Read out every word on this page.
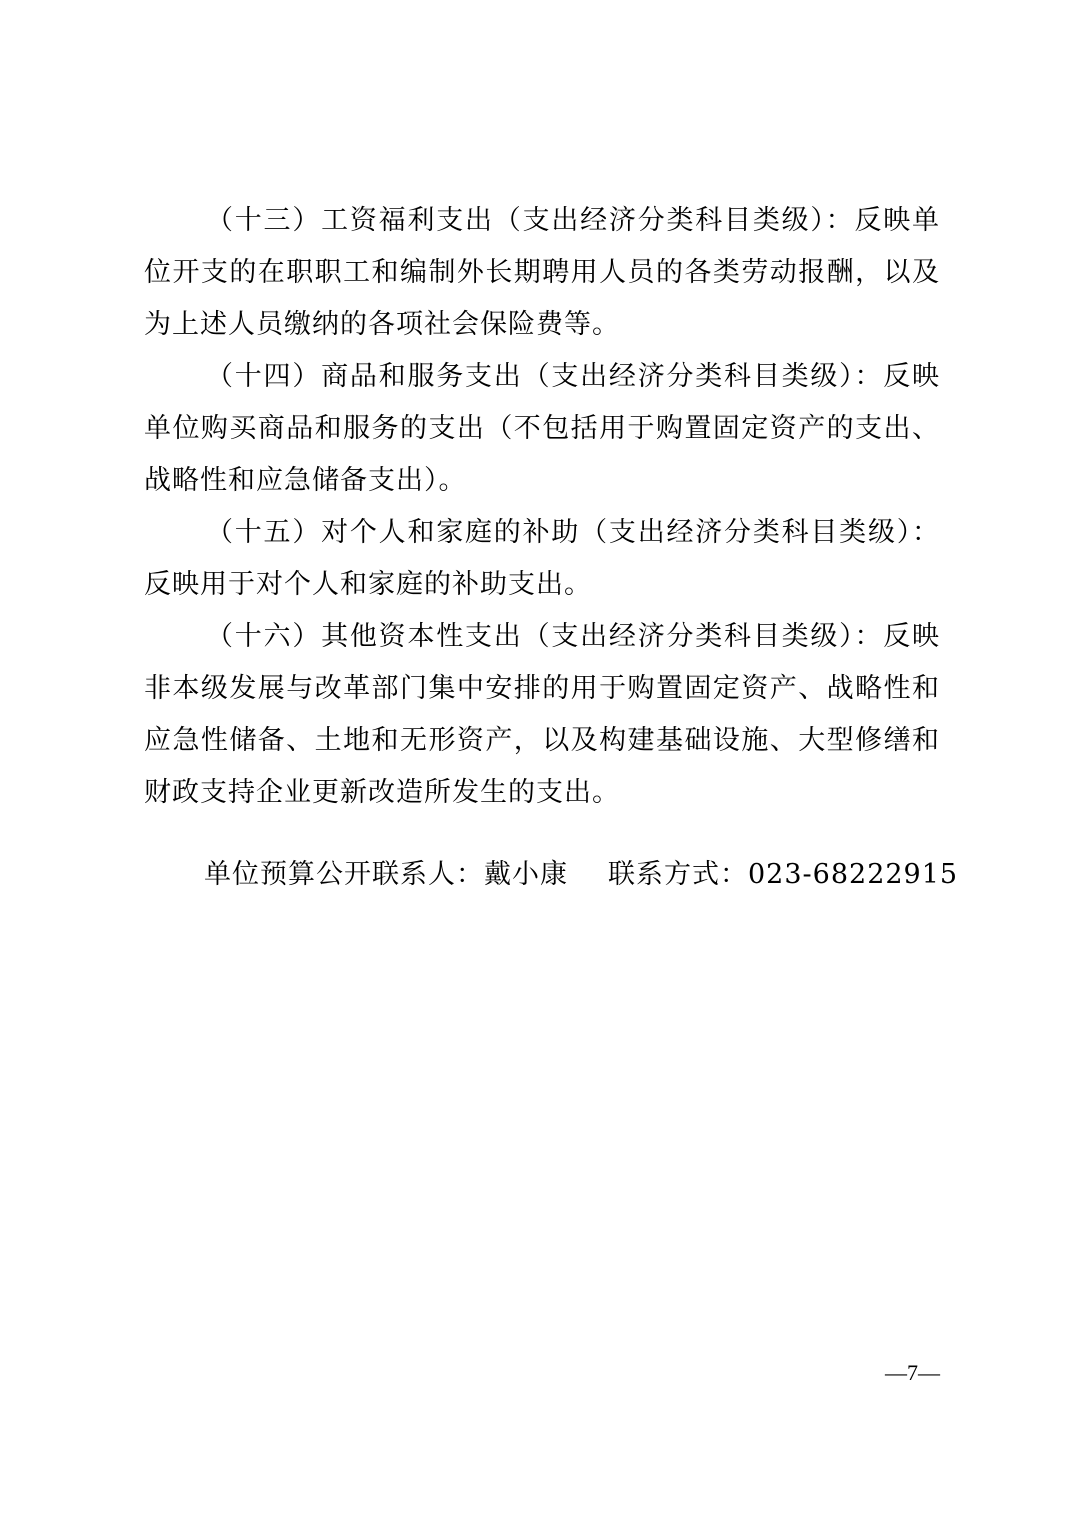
（十三）工资福利支出（支出经济分类科目类级）：反映单位开支的在职职工和编制外长期聘用人员的各类劳动报酬，以及为上述人员缴纳的各项社会保险费等。

（十四）商品和服务支出（支出经济分类科目类级）：反映单位购买商品和服务的支出（不包括用于购置固定资产的支出、战略性和应急储备支出）。

（十五）对个人和家庭的补助（支出经济分类科目类级）：反映用于对个人和家庭的补助支出。

（十六）其他资本性支出（支出经济分类科目类级）：反映非本级发展与改革部门集中安排的用于购置固定资产、战略性和应急性储备、土地和无形资产，以及构建基础设施、大型修缮和财政支持企业更新改造所发生的支出。

单位预算公开联系人：戴小康 联系方式：023-68222915
—7—
